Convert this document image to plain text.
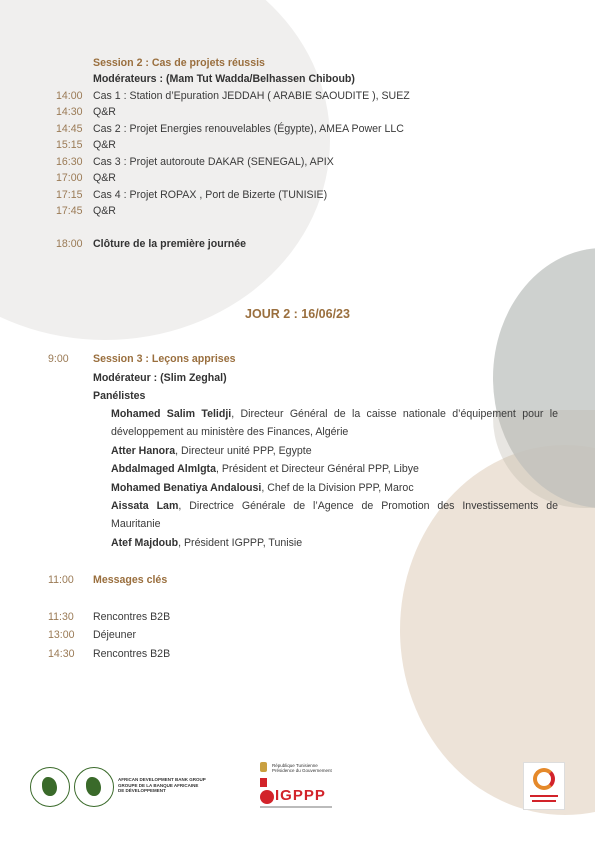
Session 2 : Cas de projets réussis
Modérateurs : (Mam Tut Wadda/Belhassen Chiboub)
14:00 Cas 1 : Station d’Epuration JEDDAH ( ARABIE SAOUDITE ), SUEZ
14:30 Q&R
14:45 Cas 2 : Projet Energies renouvelables (Égypte), AMEA Power LLC
15:15 Q&R
16:30 Cas 3 : Projet autoroute DAKAR (SENEGAL), APIX
17:00 Q&R
17:15 Cas 4 : Projet ROPAX , Port de Bizerte (TUNISIE)
17:45 Q&R
18:00 Clôture de la première journée
JOUR 2 : 16/06/23
9:00	Session 3 : Leçons apprises
Modérateur : (Slim Zeghal)
Panélistes
Mohamed Salim Telidji, Directeur Général de la caisse nationale d’équipement pour le développement au ministère des Finances, Algérie
Atter Hanora, Directeur unité PPP, Egypte
Abdalmaged Almlgta, Président et Directeur Général PPP, Libye
Mohamed Benatiya Andalousi, Chef de la Division PPP, Maroc
Aissata Lam, Directrice Générale de l’Agence de Promotion des Investissements de Mauritanie
Atef Majdoub, Président IGPPP, Tunisie
11:00	Messages clés
11:30	Rencontres B2B
13:00	Déjeuner
14:30	Rencontres B2B
AFRICAN DEVELOPMENT BANK GROUP
GROUPE DE LA BANQUE AFRICAINE
DE DÉVELOPPEMENT
République Tunisienne
Présidence du Gouvernement
IGPPP
